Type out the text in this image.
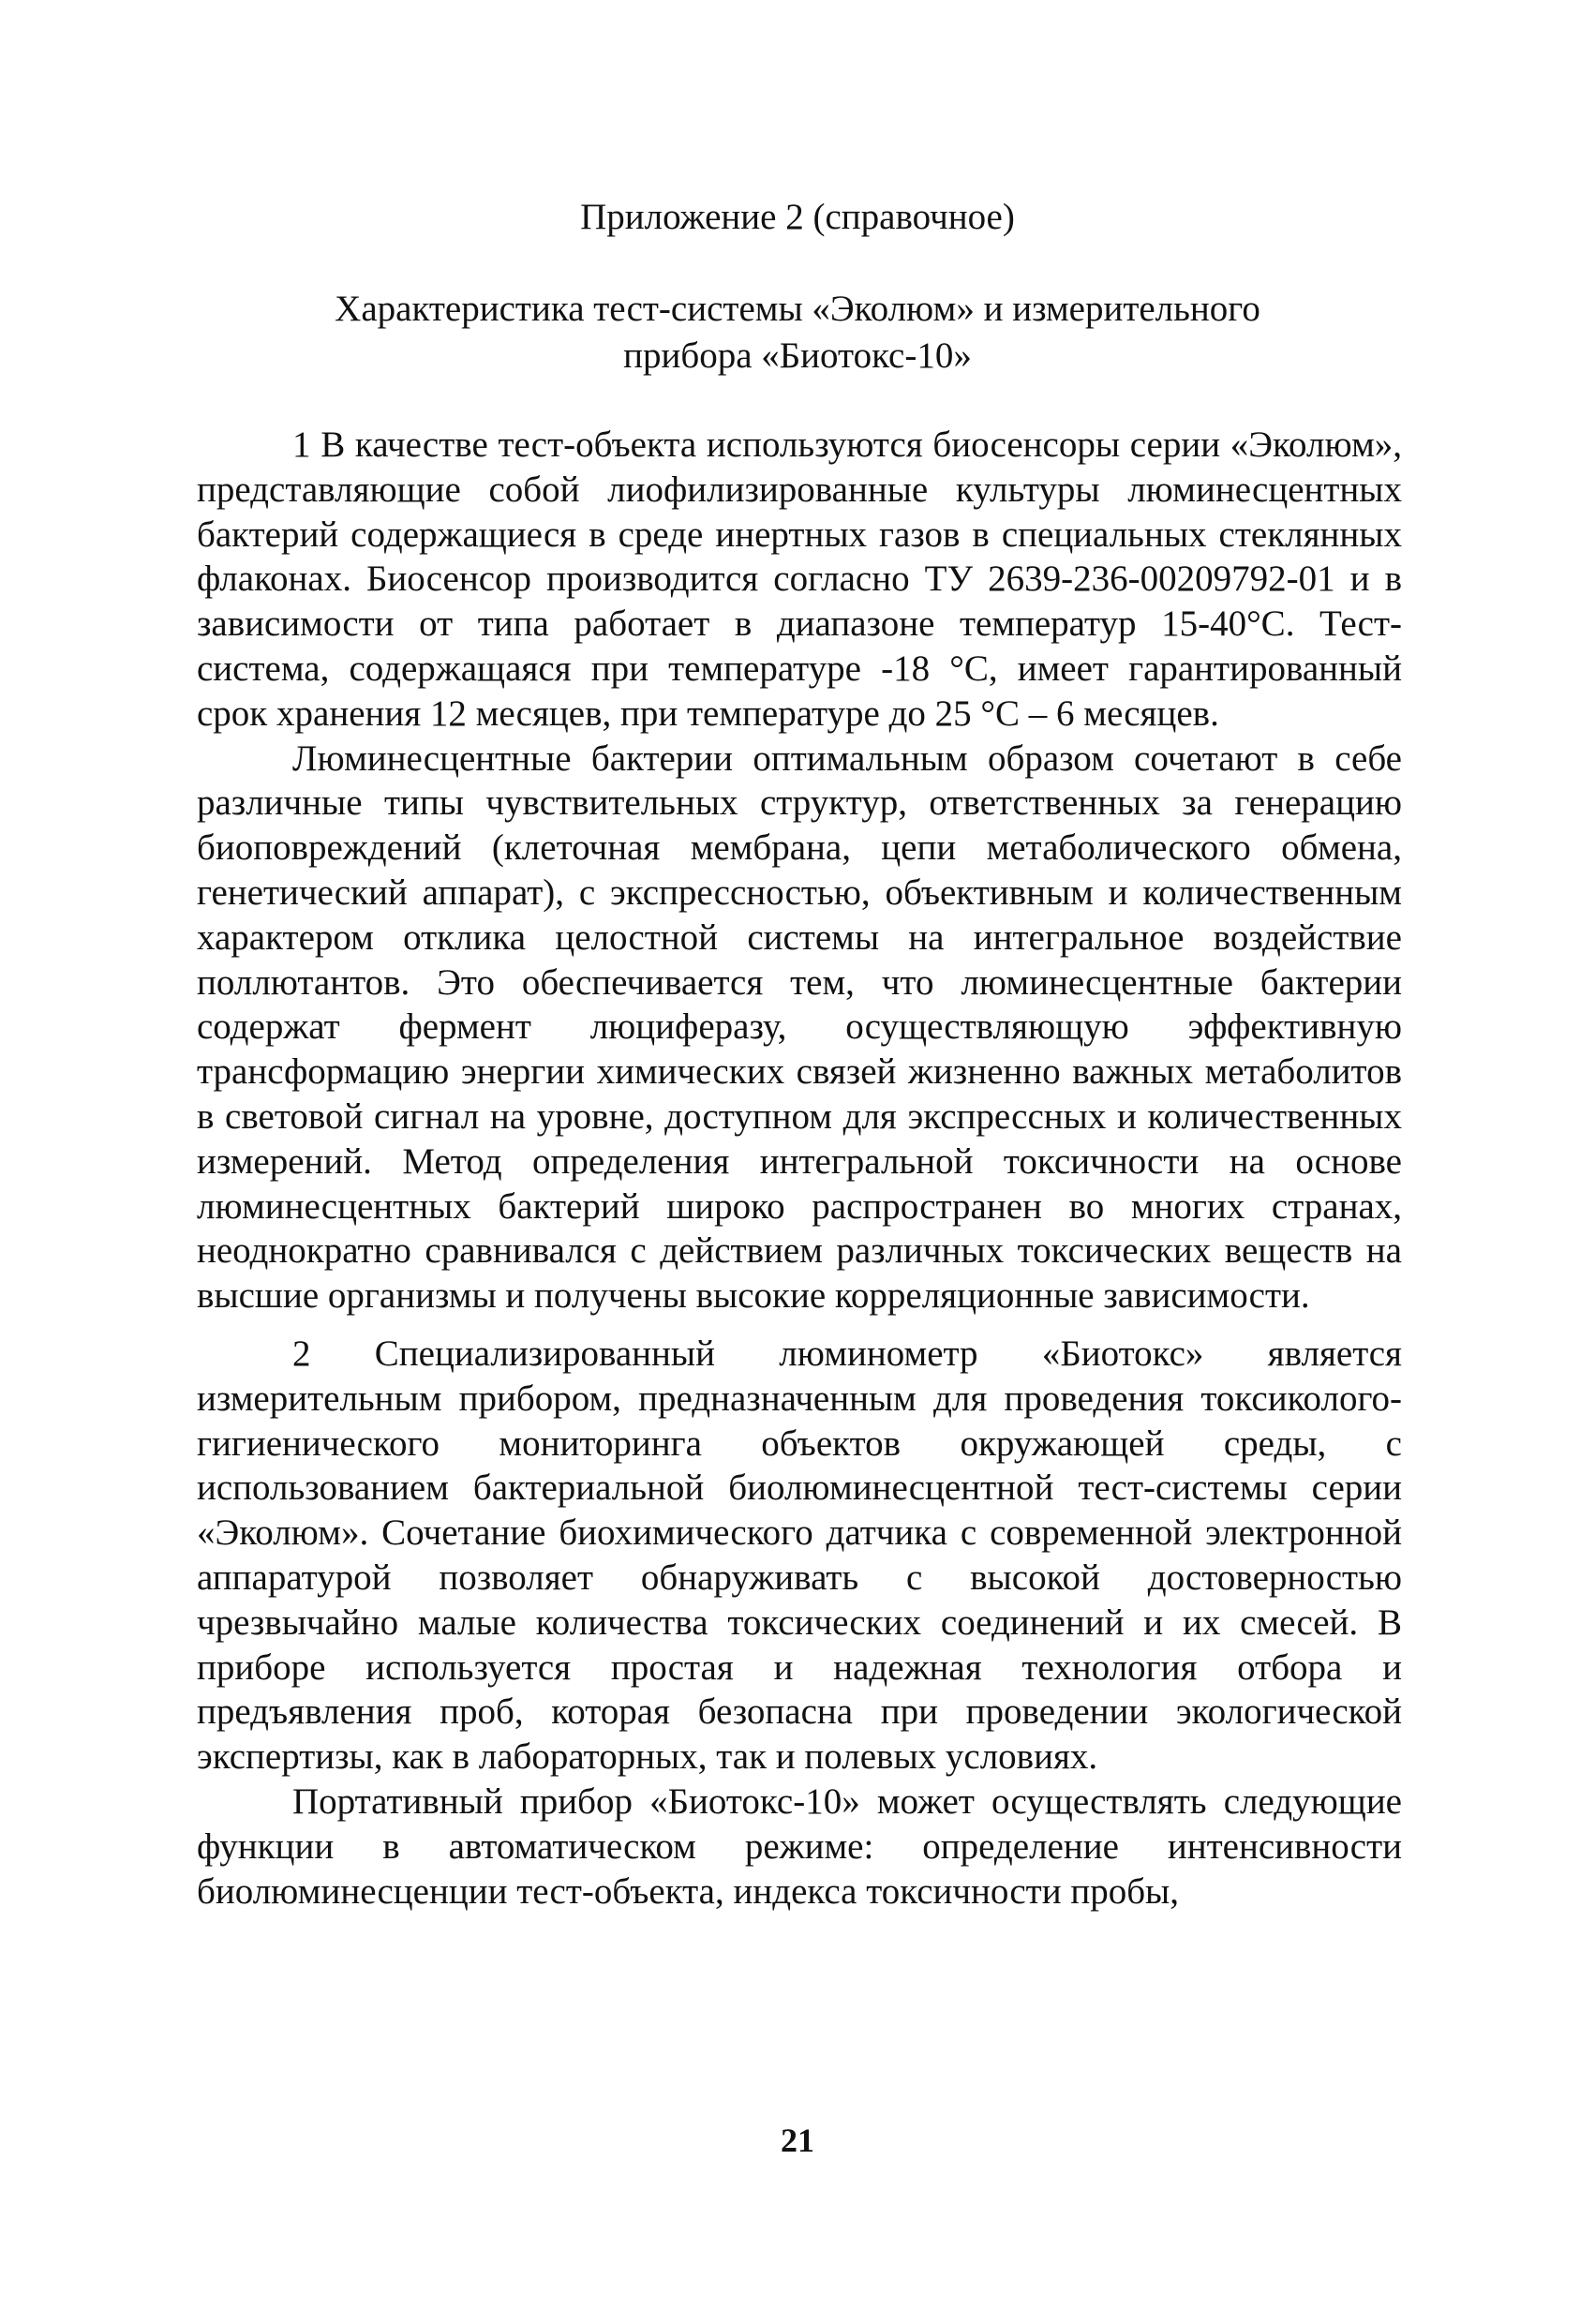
Приложение 2 (справочное)
Характеристика тест-системы «Эколюм» и измерительного прибора «Биотокс-10»

1 В качестве тест-объекта используются биосенсоры серии «Эколюм», представляющие собой лиофилизированные культуры люминесцентных бактерий содержащиеся в среде инертных газов в специальных стеклянных флаконах. Биосенсор производится согласно ТУ 2639-236-00209792-01 и в зависимости от типа работает в диапазоне температур 15-40°С. Тест-система, содержащаяся при температуре -18 °С, имеет гарантированный срок хранения 12 месяцев, при температуре до 25 °С – 6 месяцев.

Люминесцентные бактерии оптимальным образом сочетают в себе различные типы чувствительных структур, ответственных за генерацию биоповреждений (клеточная мембрана, цепи метаболического обмена, генетический аппарат), с экспрессностью, объективным и количественным характером отклика целостной системы на интегральное воздействие поллютантов. Это обеспечивается тем, что люминесцентные бактерии содержат фермент люциферазу, осуществляющую эффективную трансформацию энергии химических связей жизненно важных метаболитов в световой сигнал на уровне, доступном для экспрессных и количественных измерений. Метод определения интегральной токсичности на основе люминесцентных бактерий широко распространен во многих странах, неоднократно сравнивался с действием различных токсических веществ на высшие организмы и получены высокие корреляционные зависимости.

2 Специализированный люминометр «Биотокс» является измерительным прибором, предназначенным для проведения токсиколого-гигиенического мониторинга объектов окружающей среды, с использованием бактериальной биолюминесцентной тест-системы серии «Эколюм». Сочетание биохимического датчика с современной электронной аппаратурой позволяет обнаруживать с высокой достоверностью чрезвычайно малые количества токсических соединений и их смесей. В приборе используется простая и надежная технология отбора и предъявления проб, которая безопасна при проведении экологической экспертизы, как в лабораторных, так и полевых условиях.

Портативный прибор «Биотокс-10» может осуществлять следующие функции в автоматическом режиме: определение интенсивности биолюминесценции тест-объекта, индекса токсичности пробы,

21
